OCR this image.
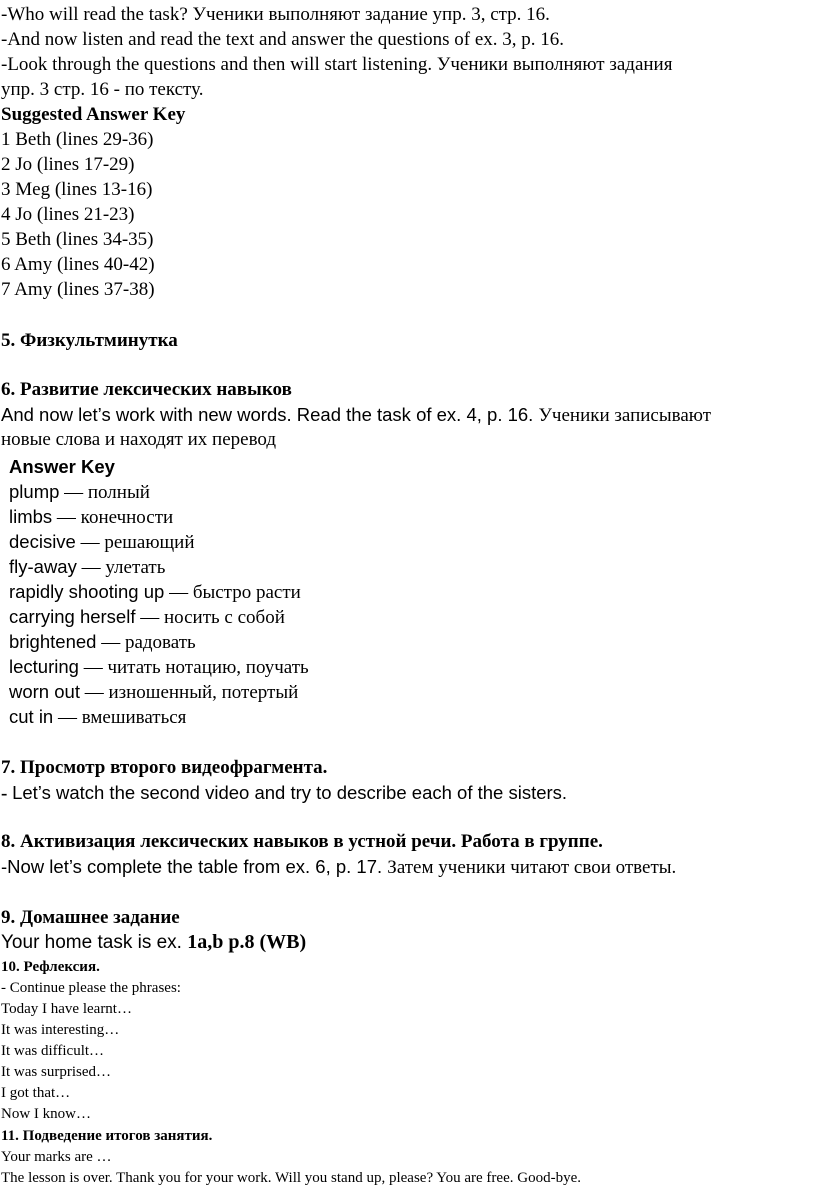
-Who will read the task? Ученики выполняют задание упр. 3, стр. 16.
-And now listen and read the text and answer the questions of ex. 3, p. 16.
-Look through the questions and then will start listening. Ученики выполняют задания
упр. 3 стр. 16 - по тексту.
Suggested Answer Key
1 Beth (lines 29-36)
2 Jo (lines 17-29)
3 Meg (lines 13-16)
4 Jo (lines 21-23)
5 Beth (lines 34-35)
6 Amy (lines 40-42)
7 Amy (lines 37-38)
5. Физкультминутка
6. Развитие лексических навыков
And now let’s work with new words. Read the task of ex. 4, p. 16. Ученики записывают
новые слова и находят их перевод
Answer Key
plump — полный
limbs — конечности
decisive — решающий
fly-away — улетать
rapidly shooting up — быстро расти
carrying herself — носить с собой
brightened — радовать
lecturing — читать нотацию, поучать
worn out — изношенный, потертый
cut in — вмешиваться
7. Просмотр второго видеофрагмента.
- Let’s watch the second video and try to describe each of the sisters.
8. Активизация лексических навыков в устной речи. Работа в группе.
-Now let’s complete the table from ex. 6, p. 17. Затем ученики читают свои ответы.
9. Домашнее задание
Your home task is ex. 1a,b p.8 (WB)
10. Рефлексия.
- Continue please the phrases:
Today I have learnt…
It was interesting…
It was difficult…
It was surprised…
I got that…
Now I know…
11. Подведение итогов занятия.
Your marks are …
The lesson is over. Thank you for your work. Will you stand up, please? You are free. Good-bye.
